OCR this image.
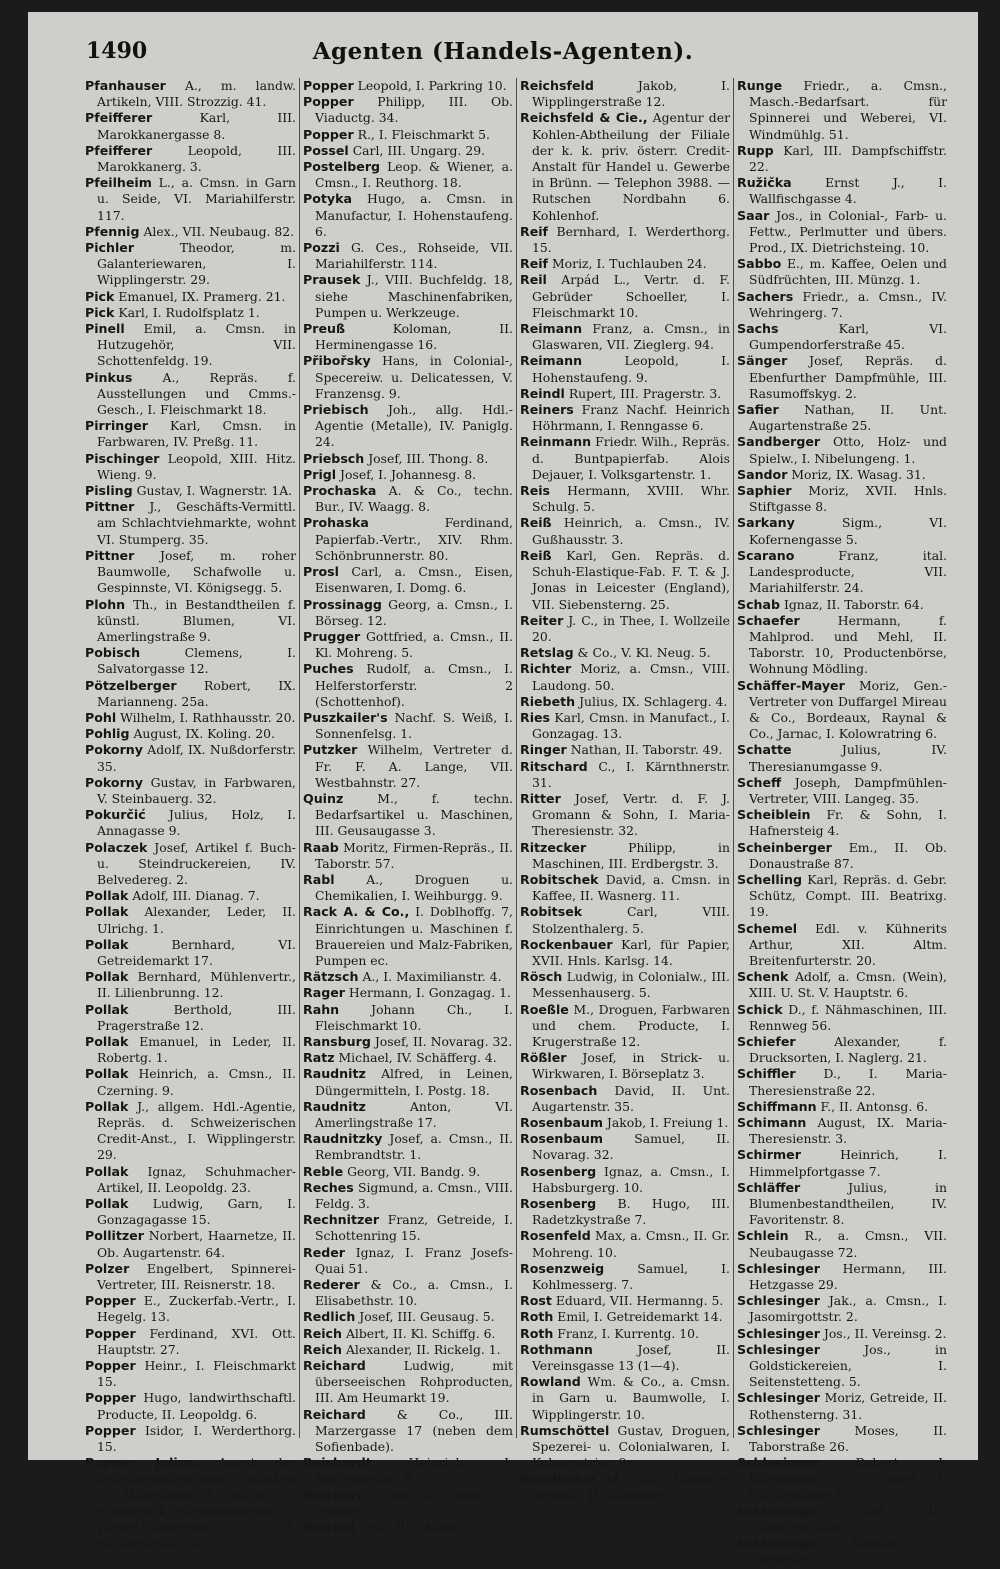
Agenten (Handels-Agenten).
1490
Pfanhauser A., m. landw. Artikeln, VIII. Strozzig. 41.
Pfeifferer	Karl, III. Marokkanergasse 8.
Pfeifferer	Leopold, III. Marokkanerg. 3.
Pfeilheim L., a. Cmsn. in Garn u. Seide, VI. Mariahilferstr. 117.
Pfennig Alex., VII. Neubaug. 82.
Pichler	Theodor, m. Galanteriewaren, I. Wipplingerstr. 29.
Pick Emanuel, IX. Pramerg. 21.
Pick Karl, I. Rudolfsplatz 1.
Pinell Emil, a. Cmsn. in Hutzugehör, VII. Schottenfeldg. 19.
Pinkus A., Repräs. f. Ausstellungen und Cmms.-Gesch., I. Fleischmarkt 18.
Pirringer Karl, Cmsn. in Farbwaren, IV. Preßg. 11.
Pischinger Leopold, XIII. Hitz. Wieng. 9.
Pisling Gustav, I. Wagnerstr. 1A.
Pittner J., Geschäfts-Vermittl. am Schlachtviehmarkte, wohnt VI. Stumperg. 35.
Pittner Josef, m. roher Baumwolle, Schafwolle u. Gespinnste, VI. Königsegg. 5.
Plohn Th., in Bestandtheilen f. künstl. Blumen, VI. Amerlingstraße 9.
Pobisch	Clemens, I. Salvatorgasse 12.
Pötzelberger Robert, IX. Marianneng. 25a.
Pohl Wilhelm, I. Rathhausstr. 20.
Pohlig August, IX. Koling. 20.
Pokorny Adolf, IX. Nußdorferstr. 35.
Pokorny Gustav, in Farbwaren, V. Steinbauerg. 32.
Pokurčić Julius, Holz, I. Annagasse 9.
Polaczek Josef, Artikel f. Buch- u. Steindruckereien, IV. Belvedereg. 2.
Pollak Adolf, III. Dianag. 7.
Pollak Alexander, Leder, II. Ulrichg. 1.
Pollak	Bernhard, VI. Getreidemarkt 17.
Pollak Bernhard, Mühlenvertr., II. Lilienbrunng. 12.
Pollak	Berthold, III. Pragerstraße 12.
Pollak Emanuel, in Leder, II. Robertg. 1.
Pollak Heinrich, a. Cmsn., II. Czerning. 9.
Pollak J., allgem. Hdl.-Agentie, Repräs. d. Schweizerischen Credit-Anst., I. Wipplingerstr. 29.
Pollak Ignaz, Schuhmacher-Artikel, II. Leopoldg. 23.
Pollak Ludwig, Garn, I. Gonzagagasse 15.
Pollitzer Norbert, Haarnetze, II. Ob. Augartenstr. 64.
Polzer Engelbert, Spinnerei-Vertreter, III. Reisnerstr. 18.
Popper E., Zuckerfab.-Vertr., I. Hegelg. 13.
Popper Ferdinand, XVI. Ott. Hauptstr. 27.
Popper Heinr., I. Fleischmarkt 15.
Popper Hugo, landwirthschaftl. Producte, II. Leopoldg. 6.
Popper Isidor, I. Werderthorg. 15.
Popper Julius, Agent der bedeutendsten ausl. Fabriken v. Maschinen f. Buch- u. Steindruck, Buchbindereien u. Papier-Confection, I. Bäckerstraße 24.
Popper Leopold, I. Parkring 10.
Popper Philipp, III. Ob. Viaductg. 34.
Popper R., I. Fleischmarkt 5.
Possel Carl, III. Ungarg. 29.
Postelberg Leop. & Wiener, a. Cmsn., I. Reuthorg. 18.
Potyka Hugo, a. Cmsn. in Manufactur, I. Hohenstaufeng. 6.
Pozzi G. Ces., Rohseide, VII. Mariahilferstr. 114.
Prausek J., VIII. Buchfeldg. 18, siehe Maschinenfabriken, Pumpen u. Werkzeuge.
Preuß	Koloman, II. Herminengasse 16.
Přibořsky Hans, in Colonial-, Specereiw. u. Delicatessen, V. Franzensg. 9.
Priebisch Joh., allg. Hdl.-Agentie (Metalle), IV. Paniglg. 24.
Priebsch Josef, III. Thong. 8.
Prigl Josef, I. Johannesg. 8.
Prochaska A. & Co., techn. Bur., IV. Waagg. 8.
Prohaska	Ferdinand, Papierfab.-Vertr., XIV. Rhm. Schönbrunnerstr. 80.
Prosl Carl, a. Cmsn., Eisen, Eisenwaren, I. Domg. 6.
Prossinagg Georg, a. Cmsn., I. Börseg. 12.
Prugger Gottfried, a. Cmsn., II. Kl. Mohreng. 5.
Puches Rudolf, a. Cmsn., I. Helferstorferstr. 2 (Schottenhof).
Puszkailer's Nachf. S. Weiß, I. Sonnenfelsg. 1.
Putzker Wilhelm, Vertreter d. Fr. F. A. Lange, VII. Westbahnstr. 27.
Quinz	M., f. techn. Bedarfsartikel u. Maschinen, III. Geusaugasse 3.
Raab Moritz, Firmen-Repräs., II. Taborstr. 57.
Rabl	A., Droguen u. Chemikalien, I. Weihburgg. 9.
Rack A. & Co., I. Doblhoffg. 7, Einrichtungen u. Maschinen f. Brauereien und Malz-Fabriken, Pumpen ec.
Rätzsch A., I. Maximilianstr. 4.
Rager Hermann, I. Gonzagag. 1.
Rahn	Johann Ch., I. Fleischmarkt 10.
Ransburg Josef, II. Novarag. 32.
Ratz Michael, IV. Schäfferg. 4.
Raudnitz Alfred, in Leinen, Düngermitteln, I. Postg. 18.
Raudnitz	Anton, VI. Amerlingstraße 17.
Raudnitzky Josef, a. Cmsn., II. Rembrandtstr. 1.
Reble Georg, VII. Bandg. 9.
Reches Sigmund, a. Cmsn., VIII. Feldg. 3.
Rechnitzer Franz, Getreide, I. Schottenring 15.
Reder Ignaz, I. Franz Josefs-Quai 51.
Rederer & Co., a. Cmsn., I. Elisabethstr. 10.
Redlich Josef, III. Geusaug. 5.
Reich Albert, II. Kl. Schiffg. 6.
Reich Alexander, II. Rickelg. 1.
Reichard	Ludwig, mit überseeischen Rohproducten, III. Am Heumarkt 19.
Reichard	& Co., III. Marzergasse 17 (neben dem Sofienbade).
Reichardt	Heinrich, I. Bartensteing. 9.
Reichart Julius, a. Cmsn., II. Praterstr. 35.
Reichel Emil, III. Münzg. 3.
Reichsfeld	Jakob, I. Wipplingerstraße 12.
Reichsfeld & Cie., Agentur der Kohlen-Abtheilung der Filiale der k. k. priv. österr. Credit-Anstalt für Handel u. Gewerbe in Brünn. — Telephon 3988. — Rutschen Nordbahn 6. Kohlenhof.
Reif Bernhard, I. Werderthorg. 15.
Reif Moriz, I. Tuchlauben 24.
Reil Arpád L., Vertr. d. F. Gebrüder Schoeller, I. Fleischmarkt 10.
Reimann Franz, a. Cmsn., in Glaswaren, VII. Zieglerg. 94.
Reimann	Leopold, I. Hohenstaufeng. 9.
Reindl Rupert, III. Pragerstr. 3.
Reiners Franz Nachf. Heinrich Höhrmann, I. Renngasse 6.
Reinmann Friedr. Wilh., Repräs. d. Buntpapierfab. Alois Dejauer, I. Volksgartenstr. 1.
Reis Hermann, XVIII. Whr. Schulg. 5.
Reiß Heinrich, a. Cmsn., IV. Gußhausstr. 3.
Reiß Karl, Gen. Repräs. d. Schuh-Elastique-Fab. F. T. & J. Jonas in Leicester (England), VII. Siebensterng. 25.
Reiter J. C., in Thee, I. Wollzeile 20.
Retslag & Co., V. Kl. Neug. 5.
Richter Moriz, a. Cmsn., VIII. Laudong. 50.
Riebeth Julius, IX. Schlagerg. 4.
Ries Karl, Cmsn. in Manufact., I. Gonzagag. 13.
Ringer Nathan, II. Taborstr. 49.
Ritschard C., I. Kärnthnerstr. 31.
Ritter Josef, Vertr. d. F. J. Gromann & Sohn, I. Maria-Theresienstr. 32.
Ritzecker	Philipp, in Maschinen, III. Erdbergstr. 3.
Robitschek David, a. Cmsn. in Kaffee, II. Wasnerg. 11.
Robitsek	Carl, VIII. Stolzenthalerg. 5.
Rockenbauer Karl, für Papier, XVII. Hnls. Karlsg. 14.
Rösch Ludwig, in Colonialw., III. Messenhauserg. 5.
Roeßle M., Droguen, Farbwaren und chem. Producte, I. Krugerstraße 12.
Rößler Josef, in Strick- u. Wirkwaren, I. Börseplatz 3.
Rosenbach David, II. Unt. Augartenstr. 35.
Rosenbaum Jakob, I. Freiung 1.
Rosenbaum	Samuel, II. Novarag. 32.
Rosenberg Ignaz, a. Cmsn., I. Habsburgerg. 10.
Rosenberg B. Hugo, III. Radetzkystraße 7.
Rosenfeld Max, a. Cmsn., II. Gr. Mohreng. 10.
Rosenzweig	Samuel, I. Kohlmesserg. 7.
Rost Eduard, VII. Hermanng. 5.
Roth Emil, I. Getreidemarkt 14.
Roth Franz, I. Kurrentg. 10.
Rothmann	Josef, II. Vereinsgasse 13 (1—4).
Rowland Wm. & Co., a. Cmsn. in Garn u. Baumwolle, I. Wipplingerstr. 10.
Rumschöttel Gustav, Droguen, Spezerei- u. Colonialwaren, I. Kolowratring 9.
Rundbakin M., allg. Handels-Agentie, II. Glockeng. 2.
Runge Friedr., a. Cmsn., Masch.-Bedarfsart. für Spinnerei und Weberei, VI. Windmühlg. 51.
Rupp Karl, III. Dampfschiffstr. 22.
Ružička	Ernst J., I. Wallfischgasse 4.
Saar Jos., in Colonial-, Farb- u. Fettw., Perlmutter und übers. Prod., IX. Dietrichsteing. 10.
Sabbo E., m. Kaffee, Oelen und Südfrüchten, III. Münzg. 1.
Sachers Friedr., a. Cmsn., IV. Wehringerg. 7.
Sachs	Karl, VI. Gumpendorferstraße 45.
Sänger Josef, Repräs. d. Ebenfurther Dampfmühle, III. Rasumoffskyg. 2.
Safier Nathan, II. Unt. Augartenstraße 25.
Sandberger Otto, Holz- und Spielw., I. Nibelungeng. 1.
Sandor Moriz, IX. Wasag. 31.
Saphier Moriz, XVII. Hnls. Stiftgasse 8.
Sarkany	Sigm., VI. Kofernengasse 5.
Scarano	Franz, ital. Landesproducte, VII. Mariahilferstr. 24.
Schab Ignaz, II. Taborstr. 64.
Schaefer	Hermann, f. Mahlprod. und Mehl, II. Taborstr. 10, Productenbörse, Wohnung Mödling.
Schäffer-Mayer Moriz, Gen.-Vertreter von Duffargel Mireau & Co., Bordeaux, Raynal & Co., Jarnac, I. Kolowratring 6.
Schatte	Julius, IV. Theresianumgasse 9.
Scheff Joseph, Dampfmühlen-Vertreter, VIII. Langeg. 35.
Scheiblein Fr. & Sohn, I. Hafnersteig 4.
Scheinberger Em., II. Ob. Donaustraße 87.
Schelling Karl, Repräs. d. Gebr. Schütz, Compt. III. Beatrixg. 19.
Schemel Edl. v. Kühnerits Arthur, XII. Altm. Breitenfurterstr. 20.
Schenk Adolf, a. Cmsn. (Wein), XIII. U. St. V. Hauptstr. 6.
Schick D., f. Nähmaschinen, III. Rennweg 56.
Schiefer	Alexander, f. Drucksorten, I. Naglerg. 21.
Schiffler D., I. Maria-Theresienstraße 22.
Schiffmann F., II. Antonsg. 6.
Schimann August, IX. Maria-Theresienstr. 3.
Schirmer	Heinrich, I. Himmelpfortgasse 7.
Schläffer	Julius, in Blumenbestandtheilen, IV. Favoritenstr. 8.
Schlein R., a. Cmsn., VII. Neubaugasse 72.
Schlesinger Hermann, III. Hetzgasse 29.
Schlesinger Jak., a. Cmsn., I. Jasomirgottstr. 2.
Schlesinger Jos., II. Vereinsg. 2.
Schlesinger	Jos., in Goldstickereien, I. Seitenstetteng. 5.
Schlesinger Moriz, Getreide, II. Rothensterng. 31.
Schlesinger	Moses, II. Taborstraße 26.
Schlesinger	Robert, I. Börsegasse 17, Compt. I. Fleischmarkt 17.
Schlesinger	Rud., III. Custozzagasse 6.
Schlesinger	Samuel, II. Negerleg. 3.
